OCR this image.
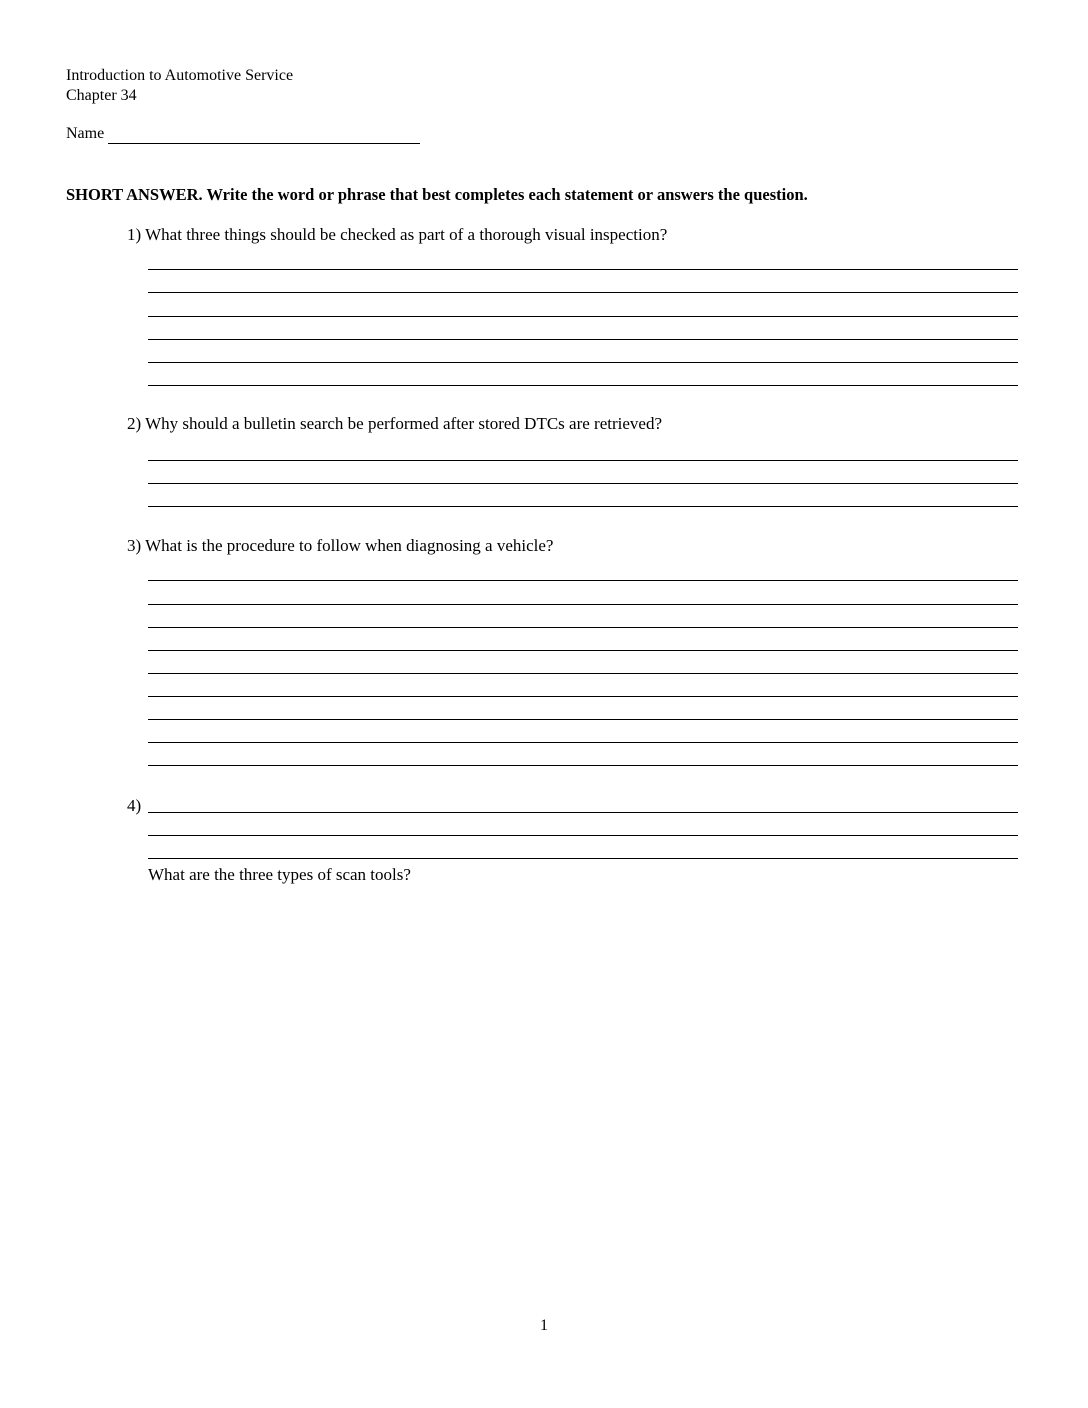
Introduction to Automotive Service
Chapter 34
Name
SHORT ANSWER. Write the word or phrase that best completes each statement or answers the question.
1) What three things should be checked as part of a thorough visual inspection?
2) Why should a bulletin search be performed after stored DTCs are retrieved?
3) What is the procedure to follow when diagnosing a vehicle?
4)
What are the three types of scan tools?
1
